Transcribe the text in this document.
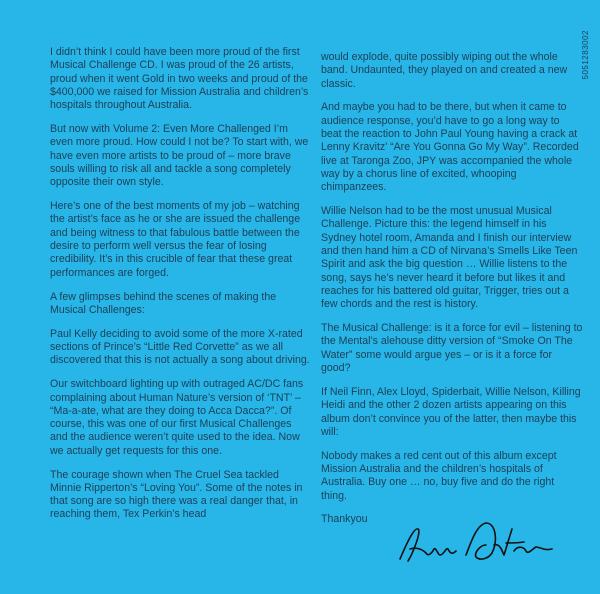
I didn’t think I could have been more proud of the first Musical Challenge CD. I was proud of the 26 artists, proud when it went Gold in two weeks and proud of the $400,000 we raised for Mission Australia and children’s hospitals throughout Australia.

But now with Volume 2: Even More Challenged I’m even more proud. How could I not be? To start with, we have even more artists to be proud of – more brave souls willing to risk all and tackle a song completely opposite their own style.

Here’s one of the best moments of my job – watching the artist’s face as he or she are issued the challenge and being witness to that fabulous battle between the desire to perform well versus the fear of losing credibility. It’s in this crucible of fear that these great performances are forged.

A few glimpses behind the scenes of making the Musical Challenges:

Paul Kelly deciding to avoid some of the more X-rated sections of Prince’s “Little Red Corvette” as we all discovered that this is not actually a song about driving.

Our switchboard lighting up with outraged AC/DC fans complaining about Human Nature’s version of ‘TNT’ – “Ma-a-ate, what are they doing to Acca Dacca?”. Of course, this was one of our first Musical Challenges and the audience weren’t quite used to the idea. Now we actually get requests for this one.

The courage shown when The Cruel Sea tackled Minnie Ripperton’s “Loving You”. Some of the notes in that song are so high there was a real danger that, in reaching them, Tex Perkin’s head

would explode, quite possibly wiping out the whole band. Undaunted, they played on and created a new classic.

And maybe you had to be there, but when it came to audience response, you’d have to go a long way to beat the reaction to John Paul Young having a crack at Lenny Kravitz’ “Are You Gonna Go My Way”. Recorded live at Taronga Zoo, JPY was accompanied the whole way by a chorus line of excited, whooping chimpanzees.

Willie Nelson had to be the most unusual Musical Challenge. Picture this: the legend himself in his Sydney hotel room, Amanda and I finish our interview and then hand him a CD of Nirvana’s Smells Like Teen Spirit and ask the big question … Willie listens to the song, says he’s never heard it before but likes it and reaches for his battered old guitar, Trigger, tries out a few chords and the rest is history.

The Musical Challenge: is it a force for evil – listening to the Mental’s alehouse ditty version of “Smoke On The Water” some would argue yes – or is it a force for good?

If Neil Finn, Alex Lloyd, Spiderbait, Willie Nelson, Killing Heidi and the other 2 dozen artists appearing on this album don’t convince you of the latter, then maybe this will:

Nobody makes a red cent out of this album except Mission Australia and the children’s hospitals of Australia. Buy one … no, buy five and do the right thing.

Thankyou
5051283002
